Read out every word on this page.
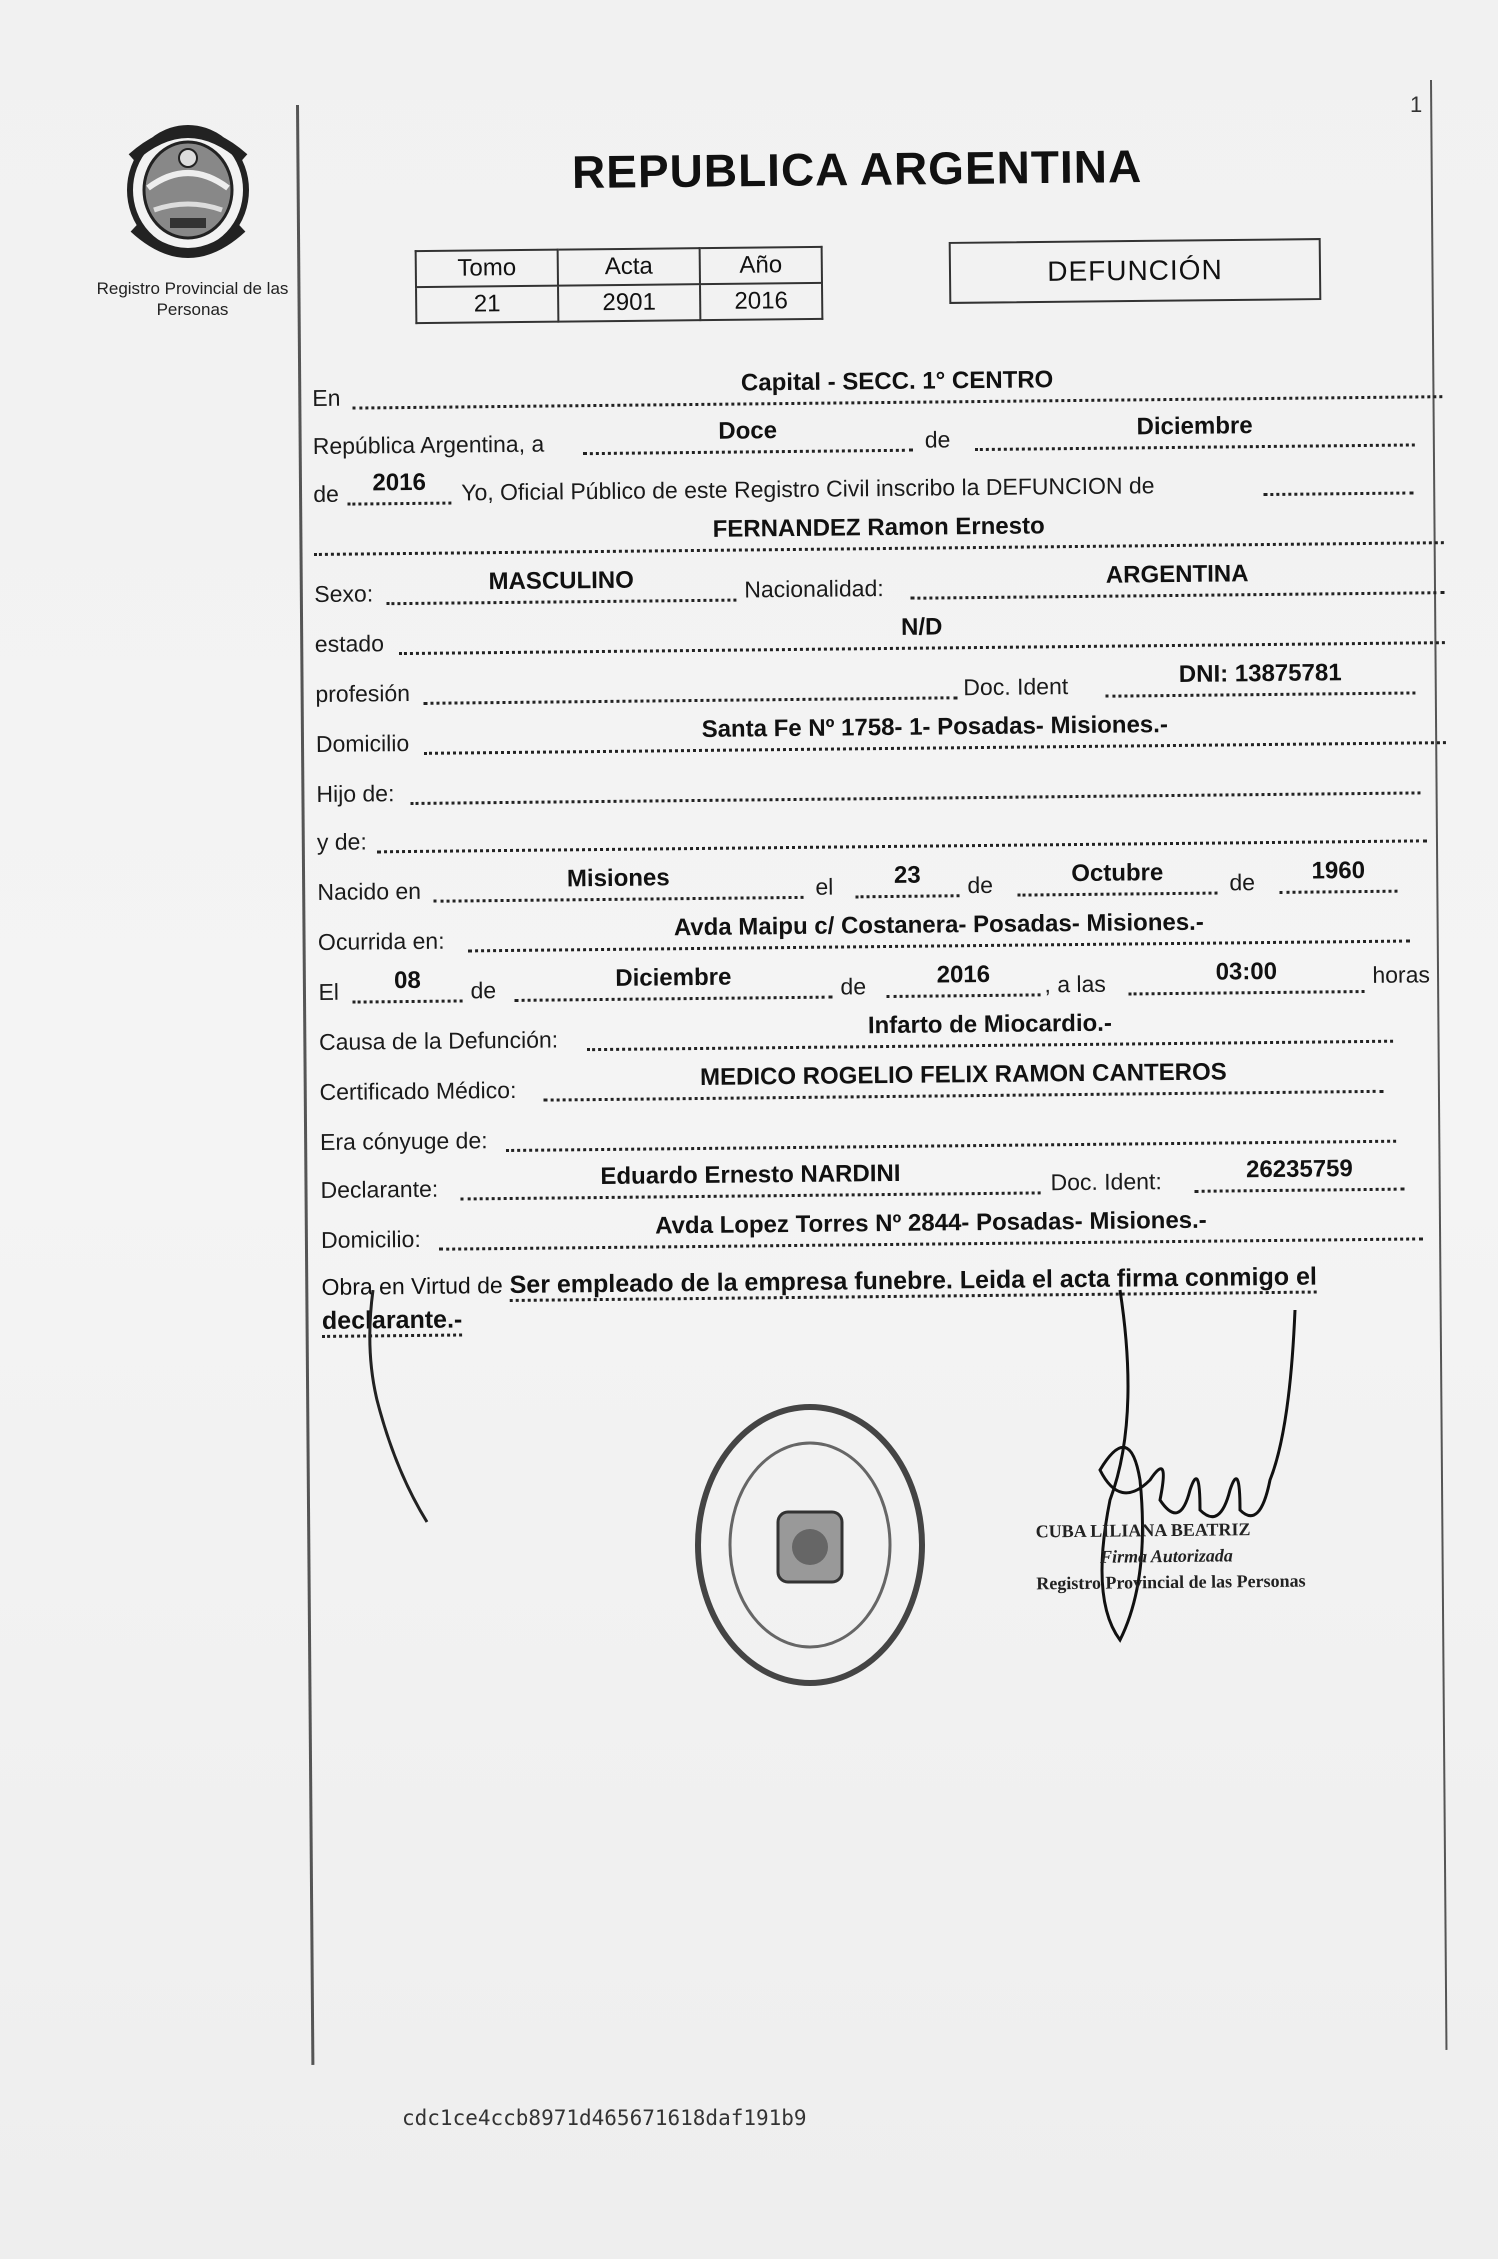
Registro Provincial de las Personas
1
REPUBLICA ARGENTINA
Tomo	Acta	Año
21	2901	2016
DEFUNCIÓN
En
Capital - SECC. 1° CENTRO
República Argentina, a	Doce	de	Diciembre
de	2016	Yo, Oficial Público de este Registro Civil inscribo la DEFUNCION de
FERNANDEZ Ramon Ernesto
Sexo:	MASCULINO	Nacionalidad:
ARGENTINA
estado
N/D
profesión	Doc. Ident	DNI: 13875781
Domicilio
Santa Fe Nº 1758- 1- Posadas- Misiones.-
Hijo de:
y de:
Nacido en	Misiones	el	23	de	Octubre	de	1960
Ocurrida en:
Avda Maipu c/ Costanera- Posadas- Misiones.-
El	08	de	Diciembre	de	2016	, a las	03:00	horas
Causa de la Defunción:
Infarto de Miocardio.-
Certificado Médico:	MEDICO ROGELIO FELIX RAMON CANTEROS
Era cónyuge de:
Declarante:	Eduardo Ernesto NARDINI	Doc. Ident:	26235759
Domicilio:	Avda Lopez Torres Nº 2844- Posadas- Misiones.-
Obra en Virtud de Ser empleado de la empresa funebre. Leida el acta firma conmigo el declarante.-
CUBA LILIANA BEATRIZ
Firma Autorizada
Registro Provincial de las Personas
cdc1ce4ccb8971d465671618daf191b9
